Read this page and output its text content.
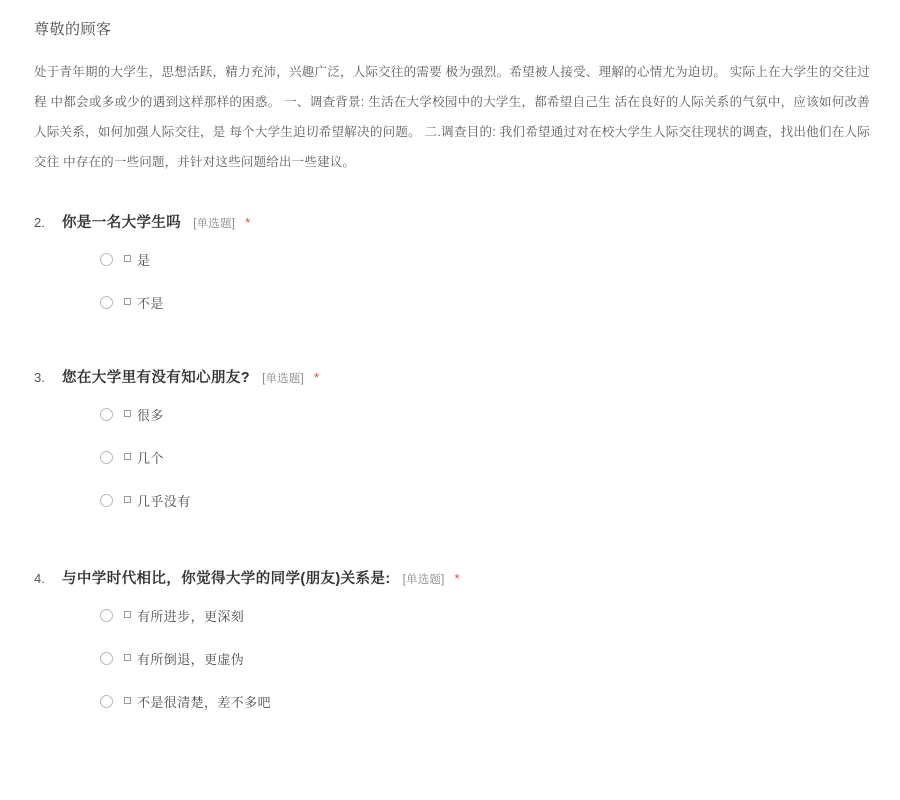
尊敬的顾客

处于青年期的大学生，思想活跃，精力充沛，兴趣广泛，人际交往的需要 极为强烈。希望被人接受、理解的心情尤为迫切。 实际上在大学生的交往过程 中都会或多或少的遇到这样那样的困惑。 一、调查背景: 生活在大学校园中的大学生，都希望自己生 活在良好的人际关系的气氛中，应该如何改善人际关系，如何加强人际交往，是 每个大学生迫切希望解决的问题。 二.调查目的: 我们希望通过对在校大学生人际交往现状的调查，找出他们在人际交往 中存在的一些问题，并针对这些问题给出一些建议。

2.	你是一名大学生吗 [单选题] *
是
不是
3.	您在大学里有没有知心朋友? [单选题] *
很多
几个
几乎没有
4.	与中学时代相比，你觉得大学的同学(朋友)关系是: [单选题] *
有所进步，更深刻
有所倒退，更虚伪
不是很清楚，差不多吧
